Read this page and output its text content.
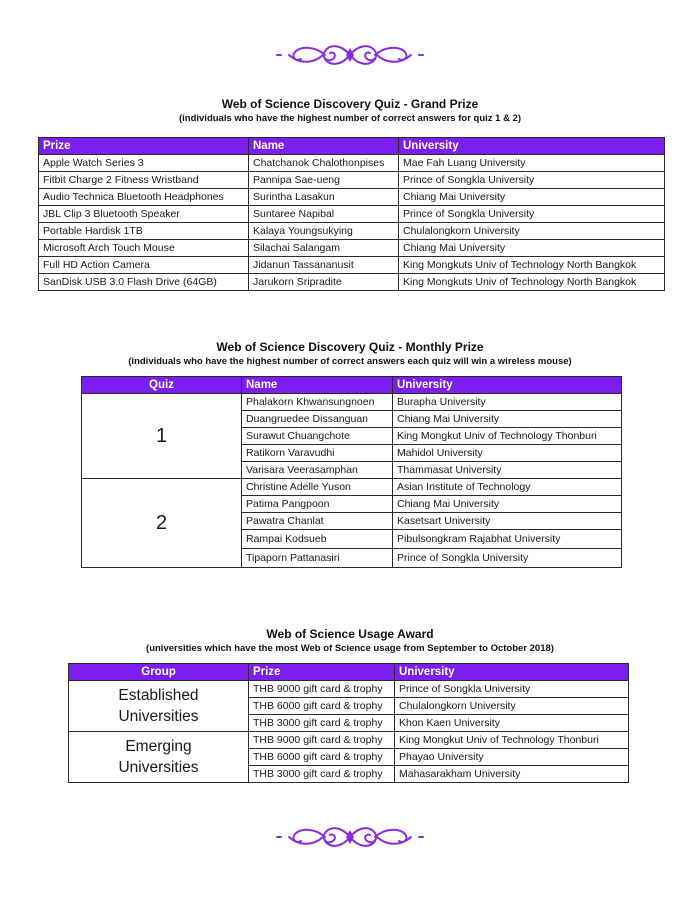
Web of Science Discovery Quiz - Grand Prize
(individuals who have the highest number of correct answers for quiz 1 & 2)
Prize	Name	University
Apple Watch Series 3	Chatchanok Chalothonpises	Mae Fah Luang University
Fitbit Charge 2 Fitness Wristband	Pannipa Sae-ueng	Prince of Songkla University
Audio Technica Bluetooth Headphones	Surintha Lasakun	Chiang Mai University
JBL Clip 3 Bluetooth Speaker	Suntaree Napibal	Prince of Songkla University
Portable Hardisk 1TB	Kalaya Youngsukying	Chulalongkorn University
Microsoft Arch Touch Mouse	Silachai Salangam	Chiang Mai University
Full HD Action Camera	Jidanun Tassananusit	King Mongkuts Univ of Technology North Bangkok
SanDisk USB 3.0 Flash Drive (64GB)	Jarukorn Sripradite	King Mongkuts Univ of Technology North Bangkok
Web of Science Discovery Quiz - Monthly Prize
(individuals who have the highest number of correct answers each quiz will win a wireless mouse)
Quiz	Name	University
1	Phalakorn Khwansungnoen	Burapha University
	Duangruedee Dissanguan	Chiang Mai University
	Surawut Chuangchote	King Mongkut Univ of Technology Thonburi
	Ratikorn Varavudhi	Mahidol University
	Varisara Veerasamphan	Thammasat University
2	Christine Adelle Yuson	Asian Institute of Technology
	Patima Pangpoon	Chiang Mai University
	Pawatra Chanlat	Kasetsart University
	Rampai Kodsueb	Pibulsongkram Rajabhat University
	Tipaporn Pattanasiri	Prince of Songkla University
Web of Science Usage Award
(universities which have the most Web of Science usage from September to October 2018)
Group	Prize	University

Established
Universities	THB 9000 gift card & trophy	Prince of Songkla University
	THB 6000 gift card & trophy	Chulalongkorn University
	THB 3000 gift card & trophy	Khon Kaen University

Emerging
Universities	THB 9000 gift card & trophy	King Mongkut Univ of Technology Thonburi
	THB 6000 gift card & trophy	Phayao University
	THB 3000 gift card & trophy	Mahasarakham University
